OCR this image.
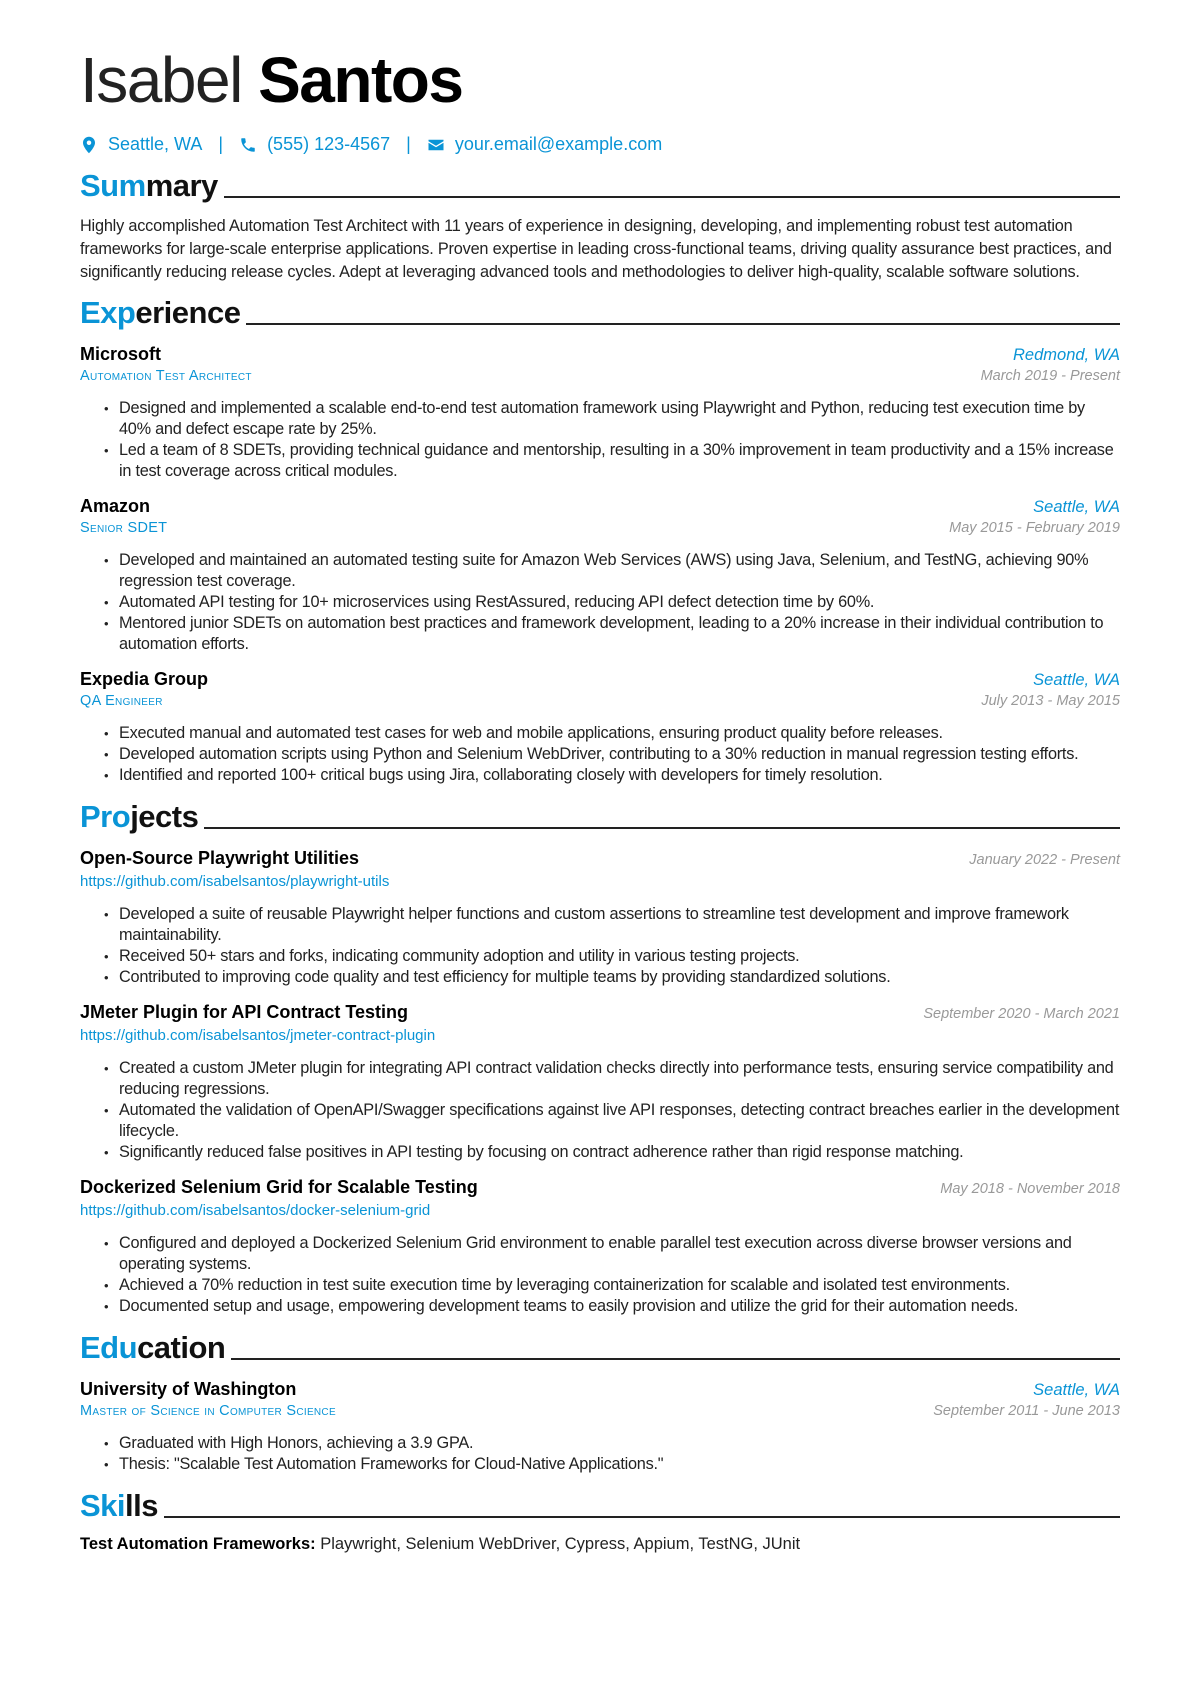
Isabel Santos
Seattle, WA | (555) 123-4567 | your.email@example.com
Summary

Highly accomplished Automation Test Architect with 11 years of experience in designing, developing, and implementing robust test automation frameworks for large-scale enterprise applications. Proven expertise in leading cross-functional teams, driving quality assurance best practices, and significantly reducing release cycles. Adept at leveraging advanced tools and methodologies to deliver high-quality, scalable software solutions.

Experience
Microsoft	Redmond, WA
Automation Test Architect	March 2019 - Present
• Designed and implemented a scalable end-to-end test automation framework using Playwright and Python, reducing test execution time by 40% and defect escape rate by 25%.
• Led a team of 8 SDETs, providing technical guidance and mentorship, resulting in a 30% improvement in team productivity and a 15% increase in test coverage across critical modules.
Amazon	Seattle, WA
Senior SDET	May 2015 - February 2019
• Developed and maintained an automated testing suite for Amazon Web Services (AWS) using Java, Selenium, and TestNG, achieving 90% regression test coverage.
• Automated API testing for 10+ microservices using RestAssured, reducing API defect detection time by 60%.
• Mentored junior SDETs on automation best practices and framework development, leading to a 20% increase in their individual contribution to automation efforts.
Expedia Group	Seattle, WA
QA Engineer	July 2013 - May 2015
• Executed manual and automated test cases for web and mobile applications, ensuring product quality before releases.
• Developed automation scripts using Python and Selenium WebDriver, contributing to a 30% reduction in manual regression testing efforts.
• Identified and reported 100+ critical bugs using Jira, collaborating closely with developers for timely resolution.
Projects
Open-Source Playwright Utilities	January 2022 - Present
https://github.com/isabelsantos/playwright-utils
• Developed a suite of reusable Playwright helper functions and custom assertions to streamline test development and improve framework maintainability.
• Received 50+ stars and forks, indicating community adoption and utility in various testing projects.
• Contributed to improving code quality and test efficiency for multiple teams by providing standardized solutions.
JMeter Plugin for API Contract Testing	September 2020 - March 2021
https://github.com/isabelsantos/jmeter-contract-plugin
• Created a custom JMeter plugin for integrating API contract validation checks directly into performance tests, ensuring service compatibility and reducing regressions.
• Automated the validation of OpenAPI/Swagger specifications against live API responses, detecting contract breaches earlier in the development lifecycle.
• Significantly reduced false positives in API testing by focusing on contract adherence rather than rigid response matching.
Dockerized Selenium Grid for Scalable Testing	May 2018 - November 2018
https://github.com/isabelsantos/docker-selenium-grid
• Configured and deployed a Dockerized Selenium Grid environment to enable parallel test execution across diverse browser versions and operating systems.
• Achieved a 70% reduction in test suite execution time by leveraging containerization for scalable and isolated test environments.
• Documented setup and usage, empowering development teams to easily provision and utilize the grid for their automation needs.
Education
University of Washington	Seattle, WA
Master of Science in Computer Science	September 2011 - June 2013
• Graduated with High Honors, achieving a 3.9 GPA.
• Thesis: "Scalable Test Automation Frameworks for Cloud-Native Applications."
Skills
Test Automation Frameworks: Playwright, Selenium WebDriver, Cypress, Appium, TestNG, JUnit
